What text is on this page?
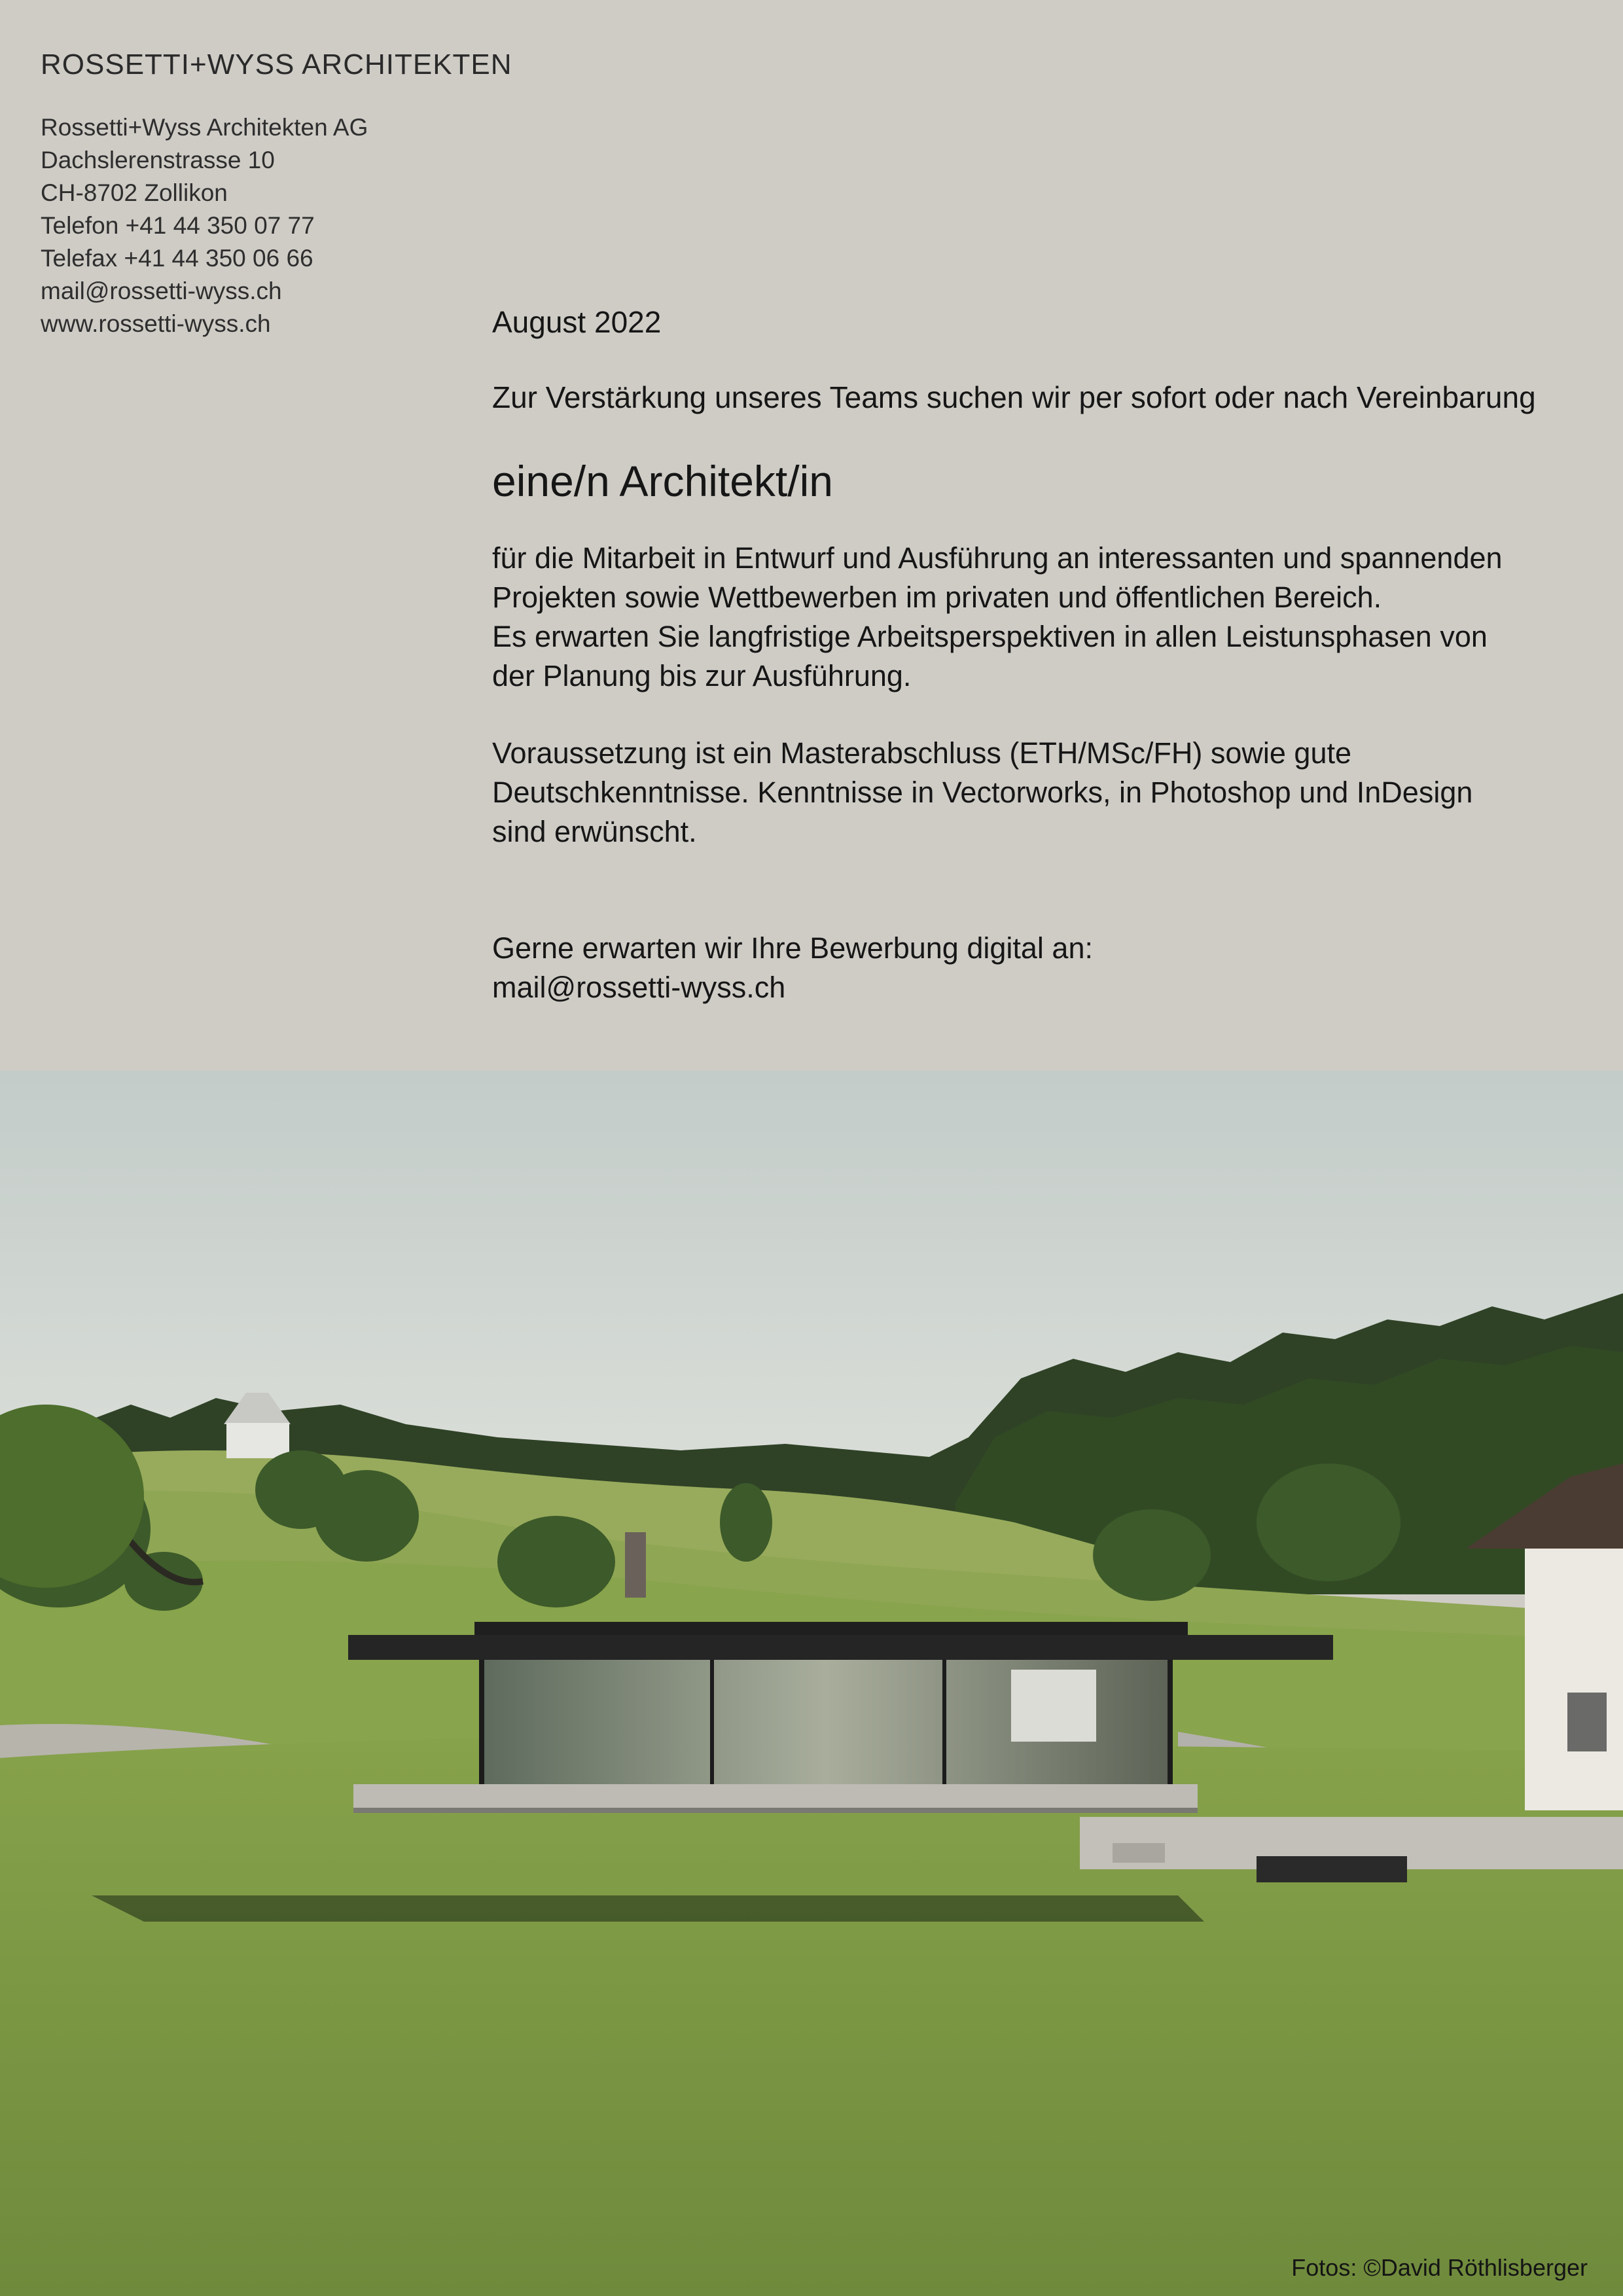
ROSSETTI+WYSS ARCHITEKTEN
Rossetti+Wyss Architekten AG
Dachslerenstrasse 10
CH-8702 Zollikon
Telefon +41 44 350 07 77
Telefax +41 44 350 06 66
mail@rossetti-wyss.ch
www.rossetti-wyss.ch	August 2022
Zur Verstärkung unseres Teams suchen wir per sofort oder nach Vereinbarung
eine/n Architekt/in
für die Mitarbeit in Entwurf und Ausführung an interessanten und spannenden
Projekten sowie Wettbewerben im privaten und öffentlichen Bereich.
Es erwarten Sie langfristige Arbeitsperspektiven in allen Leistunsphasen von
der Planung bis zur Ausführung.
Voraussetzung ist ein Masterabschluss (ETH/MSc/FH) sowie gute
Deutschkenntnisse. Kenntnisse in Vectorworks, in Photoshop und InDesign
sind erwünscht.
Gerne erwarten wir Ihre Bewerbung digital an:
mail@rossetti-wyss.ch
Fotos: ©David Röthlisberger
